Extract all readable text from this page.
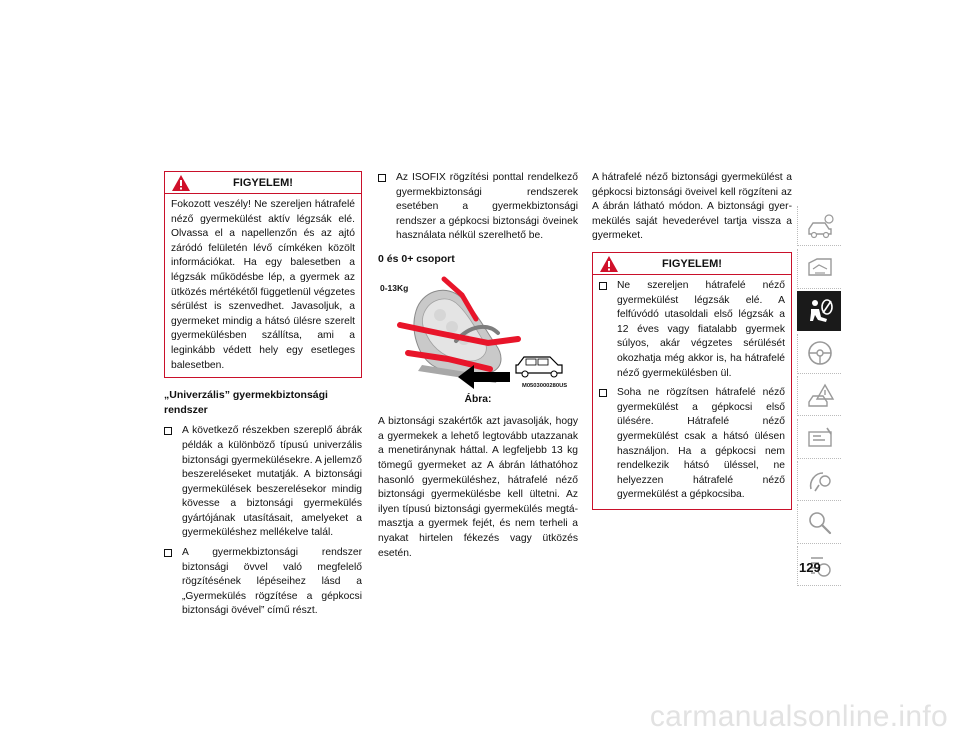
FIGYELEM!
Fokozott veszély! Ne szereljen hátrafelé néző gyermekülést aktív légzsák elé. Olvassa el a napellenzőn és az ajtó záródó felületén lévő címkéken közölt információkat. Ha egy balesetben a légzsák működésbe lép, a gyermek az ütközés mértékétől függetlenül végzetes sérülést is szenvedhet. Javasoljuk, a gyermeket mindig a hátsó ülésre szerelt gyermekülésben szállítsa, ami a leginkább védett hely egy esetleges balesetben.
„Univerzális” gyermekbiztonsági rendszer
A következő részekben szereplő ábrák példák a különböző típusú univerzális biztonsági gyermekülésekre. A jellemző beszereléseket mutatják. A biztonsági gyermekülések beszerelésekor mindig kövesse a biztonsági gyermekülés gyártójának utasításait, amelyeket a gyermeküléshez mellékelve talál.
A gyermekbiztonsági rendszer biztonsági övvel való megfelelő rögzítésének lépéseihez lásd a „Gyermekülés rögzítése a gépkocsi biztonsági övével” című részt.
Az ISOFIX rögzítési ponttal rendelkező gyermekbiztonsági rendszerek esetében a gyermekbiztonsági rendszer a gépkocsi biztonsági öveinek használata nélkül szerelhető be.
0 és 0+ csoport
0-13Kg
M0503000280US
Ábra:
A biztonsági szakértők azt javasolják, hogy a gyermekek a lehető legtovább utazzanak a menetiránynak háttal. A legfeljebb 13 kg tömegű gyermeket az A ábrán láthatóhoz hasonló gyermeküléshez, hátrafelé néző biztonsági gyermekülésbe kell ültetni. Az ilyen típusú biztonsági gyermekülés megtámasztja a gyermek fejét, és nem terheli a nyakat hirtelen fékezés vagy ütközés esetén.
A hátrafelé néző biztonsági gyermekülést a gépkocsi biztonsági öveivel kell rögzíteni az A ábrán látható módon. A biztonsági gyermekülés saját hevederével tartja vissza a gyermeket.
FIGYELEM!
Ne szereljen hátrafelé néző gyermekülést légzsák elé. A felfúvódó utasoldali első légzsák a 12 éves vagy fiatalabb gyermek súlyos, akár végzetes sérülését okozhatja még akkor is, ha hátrafelé néző gyermekülésben ül.
Soha ne rögzítsen hátrafelé néző gyermekülést a gépkocsi első ülésére. Hátrafelé néző gyermekülést csak a hátsó ülésen használjon. Ha a gépkocsi nem rendelkezik hátsó üléssel, ne helyezzen hátrafelé néző gyermekülést a gépkocsiba.
129
carmanualsonline.info
